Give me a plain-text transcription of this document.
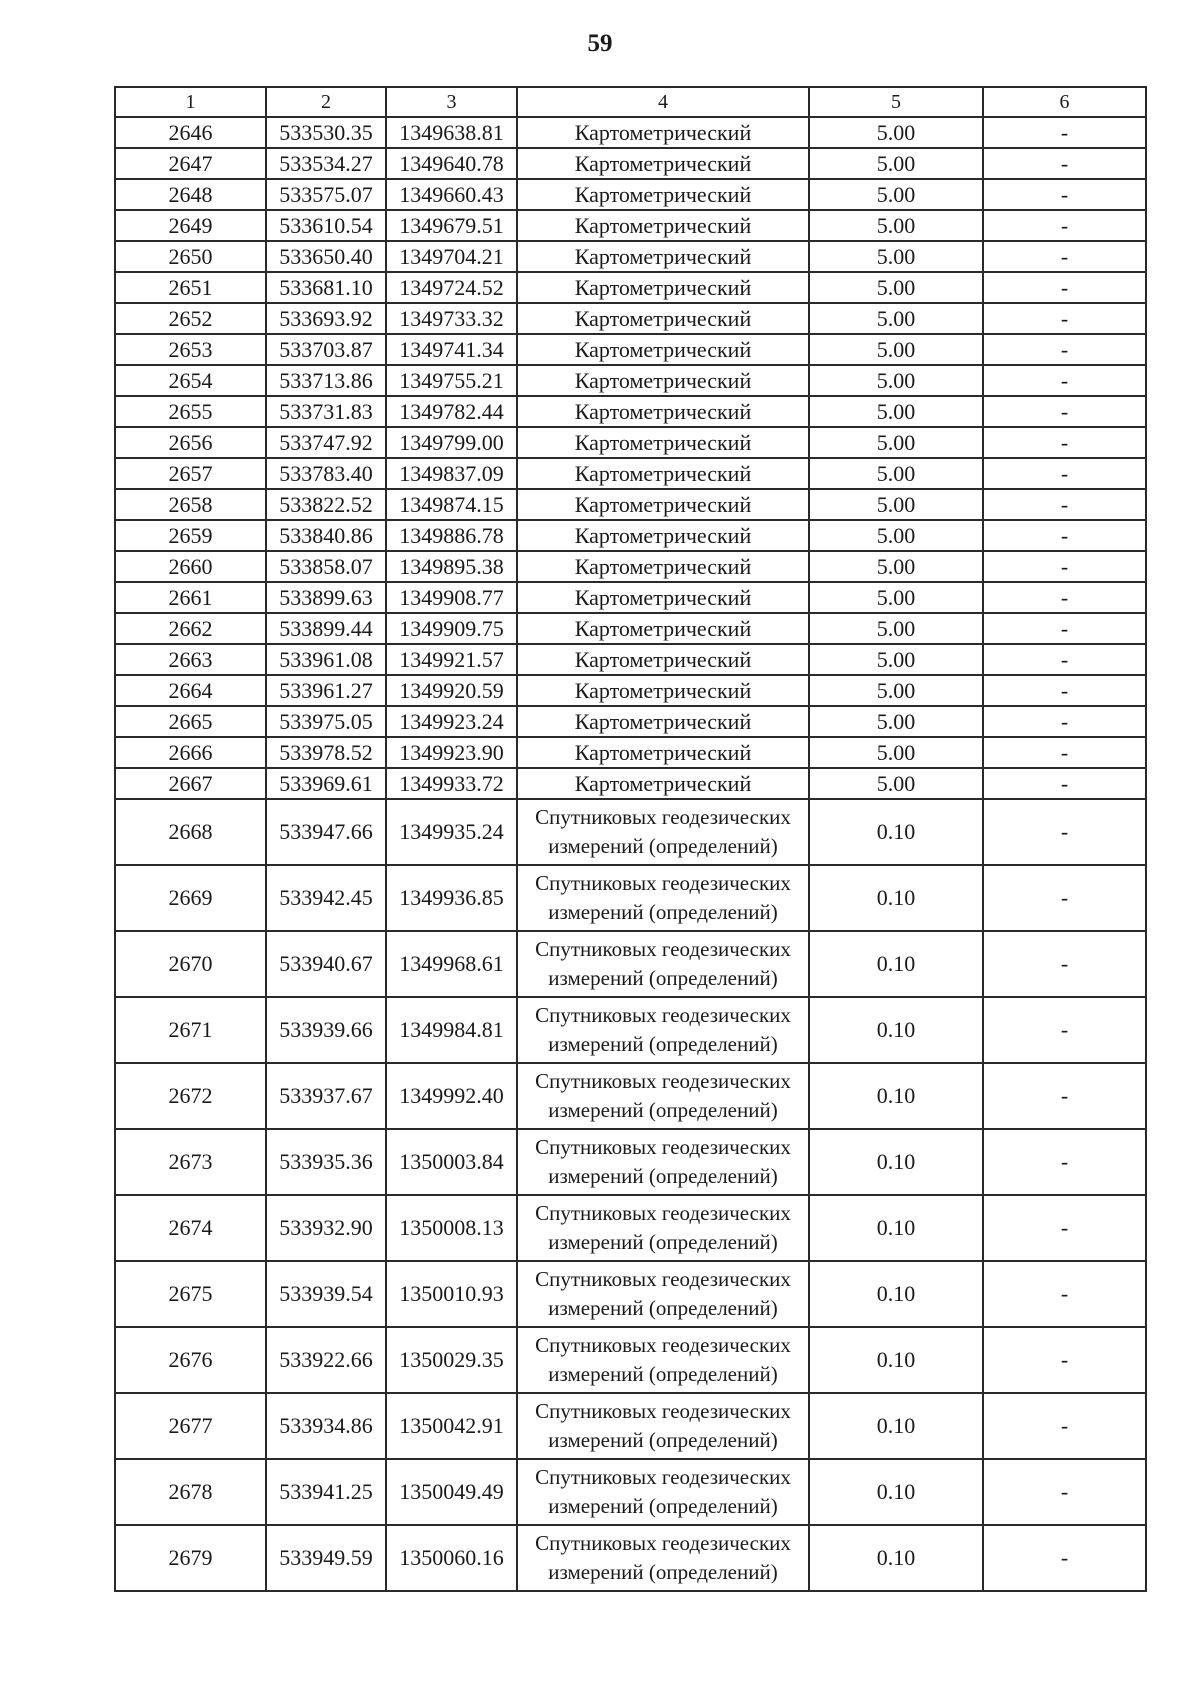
59
1	2	3	4	5	6
2646	533530.35	1349638.81	Картометрический	5.00	-
2647	533534.27	1349640.78	Картометрический	5.00	-
2648	533575.07	1349660.43	Картометрический	5.00	-
2649	533610.54	1349679.51	Картометрический	5.00	-
2650	533650.40	1349704.21	Картометрический	5.00	-
2651	533681.10	1349724.52	Картометрический	5.00	-
2652	533693.92	1349733.32	Картометрический	5.00	-
2653	533703.87	1349741.34	Картометрический	5.00	-
2654	533713.86	1349755.21	Картометрический	5.00	-
2655	533731.83	1349782.44	Картометрический	5.00	-
2656	533747.92	1349799.00	Картометрический	5.00	-
2657	533783.40	1349837.09	Картометрический	5.00	-
2658	533822.52	1349874.15	Картометрический	5.00	-
2659	533840.86	1349886.78	Картометрический	5.00	-
2660	533858.07	1349895.38	Картометрический	5.00	-
2661	533899.63	1349908.77	Картометрический	5.00	-
2662	533899.44	1349909.75	Картометрический	5.00	-
2663	533961.08	1349921.57	Картометрический	5.00	-
2664	533961.27	1349920.59	Картометрический	5.00	-
2665	533975.05	1349923.24	Картометрический	5.00	-
2666	533978.52	1349923.90	Картометрический	5.00	-
2667	533969.61	1349933.72	Картометрический	5.00	-
2668	533947.66	1349935.24	Спутниковых геодезических измерений (определений)	0.10	-
2669	533942.45	1349936.85	Спутниковых геодезических измерений (определений)	0.10	-
2670	533940.67	1349968.61	Спутниковых геодезических измерений (определений)	0.10	-
2671	533939.66	1349984.81	Спутниковых геодезических измерений (определений)	0.10	-
2672	533937.67	1349992.40	Спутниковых геодезических измерений (определений)	0.10	-
2673	533935.36	1350003.84	Спутниковых геодезических измерений (определений)	0.10	-
2674	533932.90	1350008.13	Спутниковых геодезических измерений (определений)	0.10	-
2675	533939.54	1350010.93	Спутниковых геодезических измерений (определений)	0.10	-
2676	533922.66	1350029.35	Спутниковых геодезических измерений (определений)	0.10	-
2677	533934.86	1350042.91	Спутниковых геодезических измерений (определений)	0.10	-
2678	533941.25	1350049.49	Спутниковых геодезических измерений (определений)	0.10	-
2679	533949.59	1350060.16	Спутниковых геодезических измерений (определений)	0.10	-
